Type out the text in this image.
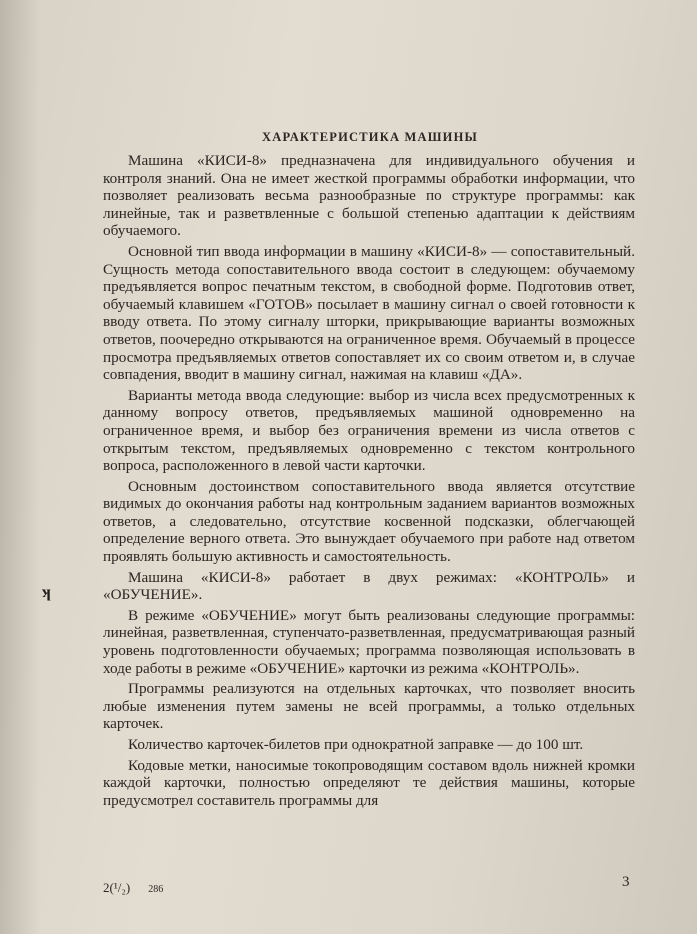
ХАРАКТЕРИСТИКА МАШИНЫ

Машина «КИСИ-8» предназначена для индивидуального обучения и контроля знаний. Она не имеет жесткой программы обработки информации, что позволяет реализовать весьма разнообразные по структуре программы: как линейные, так и разветвленные с большой степенью адаптации к действиям обучаемого.

Основной тип ввода информации в машину «КИСИ-8» — сопоставительный. Сущность метода сопоставительного ввода состоит в следующем: обучаемому предъявляется вопрос печатным текстом, в свободной форме. Подготовив ответ, обучаемый клавишем «ГОТОВ» посылает в машину сигнал о своей готовности к вводу ответа. По этому сигналу шторки, прикрывающие варианты возможных ответов, поочередно открываются на ограниченное время. Обучаемый в процессе просмотра предъявляемых ответов сопоставляет их со своим ответом и, в случае совпадения, вводит в машину сигнал, нажимая на клавиш «ДА».

Варианты метода ввода следующие: выбор из числа всех предусмотренных к данному вопросу ответов, предъявляемых машиной одновременно на ограниченное время, и выбор без ограничения времени из числа ответов с открытым текстом, предъявляемых одновременно с текстом контрольного вопроса, расположенного в левой части карточки.

Основным достоинством сопоставительного ввода является отсутствие видимых до окончания работы над контрольным заданием вариантов возможных ответов, а следовательно, отсутствие косвенной подсказки, облегчающей определение верного ответа. Это вынуждает обучаемого при работе над ответом проявлять большую активность и самостоятельность.

Машина «КИСИ-8» работает в двух режимах: «КОНТРОЛЬ» и «ОБУЧЕНИЕ».

В режиме «ОБУЧЕНИЕ» могут быть реализованы следующие программы: линейная, разветвленная, ступенчато-разветвленная, предусматривающая разный уровень подготовленности обучаемых; программа позволяющая использовать в ходе работы в режиме «ОБУЧЕНИЕ» карточки из режима «КОНТРОЛЬ».

Программы реализуются на отдельных карточках, что позволяет вносить любые изменения путем замены не всей программы, а только отдельных карточек.

Количество карточек-билетов при однократной заправке — до 100 шт.

Кодовые метки, наносимые токопроводящим составом вдоль нижней кромки каждой карточки, полностью определяют те действия машины, которые предусмотрел составитель программы для

ʞ
2(¹/₂) 286	3
